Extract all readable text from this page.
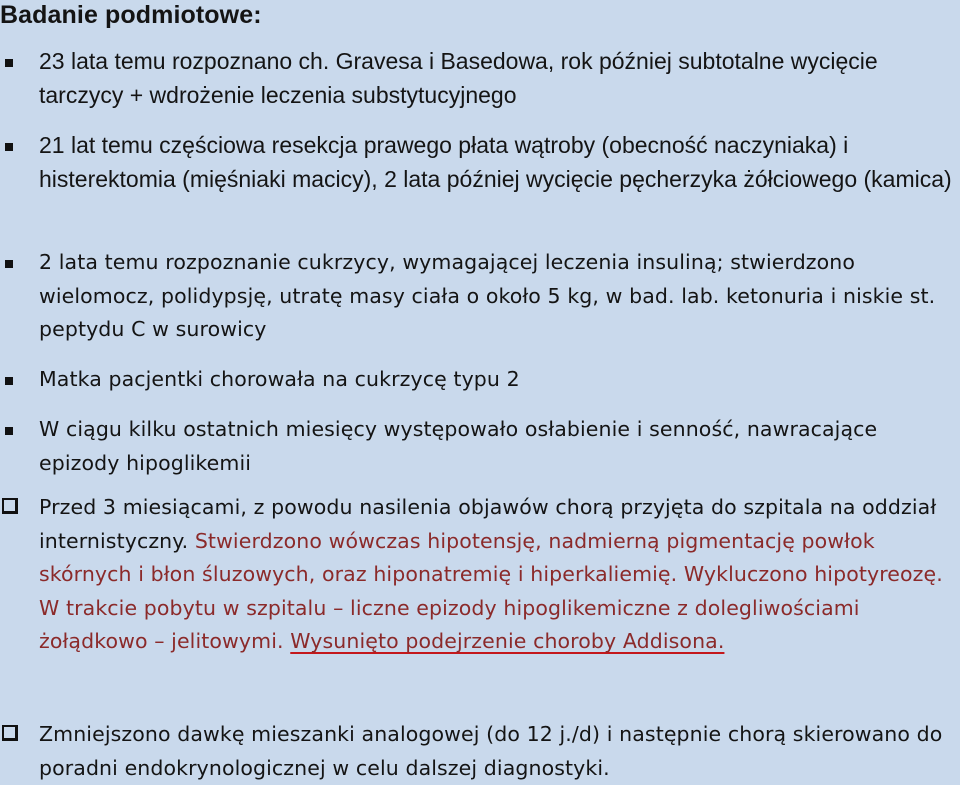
Badanie podmiotowe:
23 lata temu rozpoznano ch. Gravesa i Basedowa, rok później subtotalne wycięcie tarczycy + wdrożenie leczenia substytucyjnego
21 lat temu częściowa resekcja prawego płata wątroby (obecność naczyniaka) i histerektomia (mięśniaki macicy), 2 lata później wycięcie pęcherzyka żółciowego (kamica)
2 lata temu rozpoznanie cukrzycy, wymagającej leczenia insuliną; stwierdzono wielomocz, polidypsję, utratę masy ciała o około 5 kg, w bad. lab. ketonuria i niskie st. peptydu C w surowicy
Matka pacjentki chorowała na cukrzycę typu 2
W ciągu kilku ostatnich miesięcy występowało osłabienie i senność, nawracające epizody hipoglikemii
Przed 3 miesiącami, z powodu nasilenia objawów chorą przyjęta do szpitala na oddział internistyczny. Stwierdzono wówczas hipotensję, nadmierną pigmentację powłok skórnych i błon śluzowych, oraz hiponatremię i hiperkaliemię. Wykluczono hipotyreozę. W trakcie pobytu w szpitalu – liczne epizody hipoglikemiczne z dolegliwościami żołądkowo – jelitowymi. Wysunięto podejrzenie choroby Addisona.
Zmniejszono dawkę mieszanki analogowej (do 12 j./d) i następnie chorą skierowano do poradni endokrynologicznej w celu dalszej diagnostyki.
